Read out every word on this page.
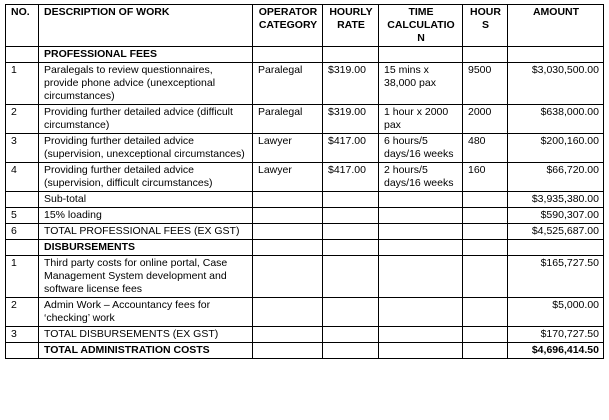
NO.	DESCRIPTION OF WORK	OPERATOR CATEGORY	HOURLY RATE	TIME CALCULATION	HOURS	AMOUNT
	PROFESSIONAL FEES					
1	Paralegals to review questionnaires, provide phone advice (unexceptional circumstances)	Paralegal	$319.00	15 mins x 38,000 pax	9500	$3,030,500.00
2	Providing further detailed advice (difficult circumstance)	Paralegal	$319.00	1 hour x 2000 pax	2000	$638,000.00
3	Providing further detailed advice (supervision, unexceptional circumstances)	Lawyer	$417.00	6 hours/5 days/16 weeks	480	$200,160.00
4	Providing further detailed advice (supervision, difficult circumstances)	Lawyer	$417.00	2 hours/5 days/16 weeks	160	$66,720.00
	Sub-total					$3,935,380.00
5	15% loading					$590,307.00
6	TOTAL PROFESSIONAL FEES (EX GST)					$4,525,687.00
	DISBURSEMENTS					
1	Third party costs for online portal, Case Management System development and software license fees					$165,727.50
2	Admin Work – Accountancy fees for ‘checking’ work					$5,000.00
3	TOTAL DISBURSEMENTS (EX GST)					$170,727.50
	TOTAL ADMINISTRATION COSTS					$4,696,414.50
